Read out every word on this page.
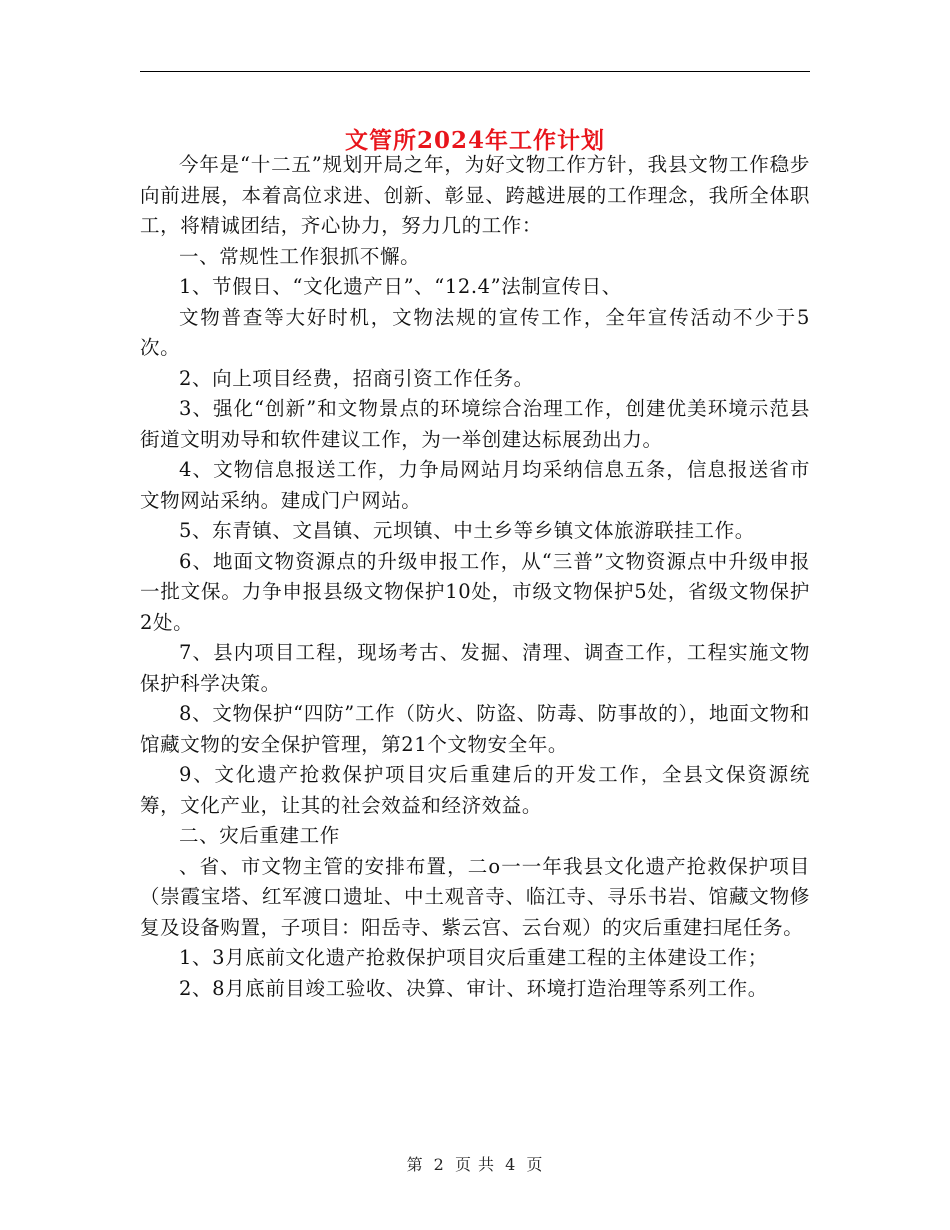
文管所2024年工作计划

今年是“十二五”规划开局之年，为好文物工作方针，我县文物工作稳步向前进展，本着高位求进、创新、彰显、跨越进展的工作理念，我所全体职工，将精诚团结，齐心协力，努力几的工作：

一、常规性工作狠抓不懈。

1、节假日、“文化遗产日”、“12.4”法制宣传日、

文物普查等大好时机，文物法规的宣传工作，全年宣传活动不少于5次。

2、向上项目经费，招商引资工作任务。

3、强化“创新”和文物景点的环境综合治理工作，创建优美环境示范县街道文明劝导和软件建议工作，为一举创建达标展劲出力。

4、文物信息报送工作，力争局网站月均采纳信息五条，信息报送省市文物网站采纳。建成门户网站。

5、东青镇、文昌镇、元坝镇、中土乡等乡镇文体旅游联挂工作。

6、地面文物资源点的升级申报工作，从“三普”文物资源点中升级申报一批文保。力争申报县级文物保护10处，市级文物保护5处，省级文物保护2处。

7、县内项目工程，现场考古、发掘、清理、调查工作，工程实施文物保护科学决策。

8、文物保护“四防”工作（防火、防盗、防毒、防事故的），地面文物和馆藏文物的安全保护管理，第21个文物安全年。

9、文化遗产抢救保护项目灾后重建后的开发工作，全县文保资源统筹，文化产业，让其的社会效益和经济效益。

二、灾后重建工作

、省、市文物主管的安排布置，二o一一年我县文化遗产抢救保护项目（崇霞宝塔、红军渡口遗址、中土观音寺、临江寺、寻乐书岩、馆藏文物修复及设备购置，子项目：阳岳寺、紫云宫、云台观）的灾后重建扫尾任务。

1、3月底前文化遗产抢救保护项目灾后重建工程的主体建设工作；

2、8月底前目竣工验收、决算、审计、环境打造治理等系列工作。

第 2 页 共 4 页
